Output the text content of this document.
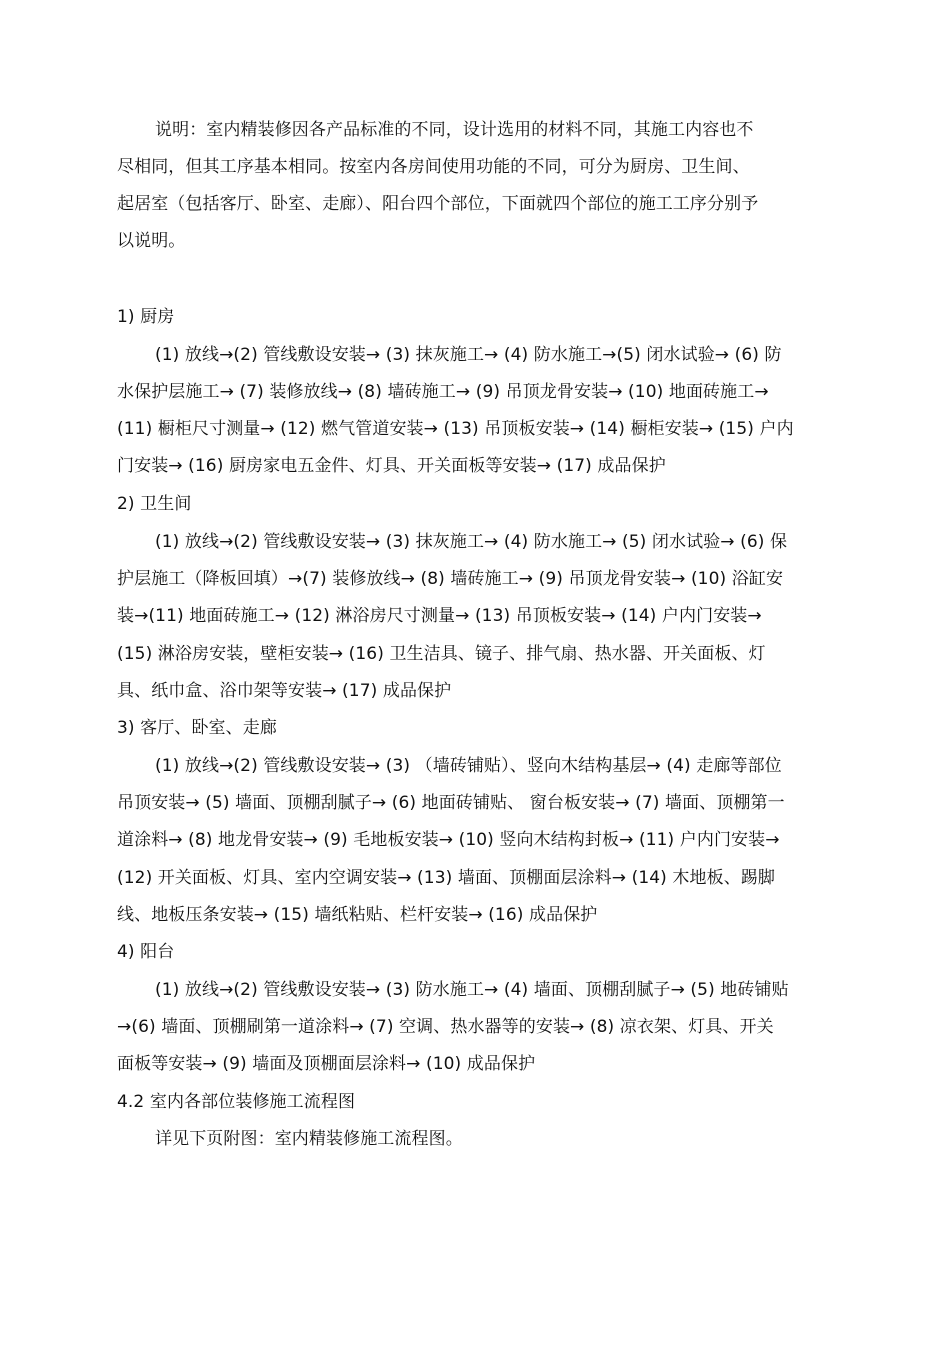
说明：室内精装修因各产品标准的不同，设计选用的材料不同，其施工内容也不
尽相同，但其工序基本相同。按室内各房间使用功能的不同，可分为厨房、卫生间、
起居室（包括客厅、卧室、走廊）、阳台四个部位，下面就四个部位的施工工序分别予
以说明。
1) 厨房
(1) 放线→(2) 管线敷设安装→ (3) 抹灰施工→ (4) 防水施工→(5) 闭水试验→ (6) 防
水保护层施工→ (7) 装修放线→ (8) 墙砖施工→ (9) 吊顶龙骨安装→ (10) 地面砖施工→
(11) 橱柜尺寸测量→ (12) 燃气管道安装→ (13) 吊顶板安装→ (14) 橱柜安装→ (15) 户内
门安装→ (16) 厨房家电五金件、灯具、开关面板等安装→ (17) 成品保护
2) 卫生间
(1) 放线→(2) 管线敷设安装→ (3) 抹灰施工→ (4) 防水施工→ (5) 闭水试验→ (6) 保
护层施工（降板回填）→(7) 装修放线→ (8) 墙砖施工→ (9) 吊顶龙骨安装→ (10) 浴缸安
装→(11) 地面砖施工→ (12) 淋浴房尺寸测量→ (13) 吊顶板安装→ (14) 户内门安装→
(15) 淋浴房安装，壁柜安装→ (16) 卫生洁具、镜子、排气扇、热水器、开关面板、灯
具、纸巾盒、浴巾架等安装→ (17) 成品保护
3) 客厅、卧室、走廊
(1) 放线→(2) 管线敷设安装→ (3) （墙砖铺贴）、竖向木结构基层→ (4) 走廊等部位
吊顶安装→ (5) 墙面、顶棚刮腻子→ (6) 地面砖铺贴、 窗台板安装→ (7) 墙面、顶棚第一
道涂料→ (8) 地龙骨安装→ (9) 毛地板安装→ (10) 竖向木结构封板→ (11) 户内门安装→
(12) 开关面板、灯具、室内空调安装→ (13) 墙面、顶棚面层涂料→ (14) 木地板、踢脚
线、地板压条安装→ (15) 墙纸粘贴、栏杆安装→ (16) 成品保护
4) 阳台
(1) 放线→(2) 管线敷设安装→ (3) 防水施工→ (4) 墙面、顶棚刮腻子→ (5) 地砖铺贴
→(6) 墙面、顶棚刷第一道涂料→ (7) 空调、热水器等的安装→ (8) 凉衣架、灯具、开关
面板等安装→ (9) 墙面及顶棚面层涂料→ (10) 成品保护
4.2 室内各部位装修施工流程图
详见下页附图：室内精装修施工流程图。
